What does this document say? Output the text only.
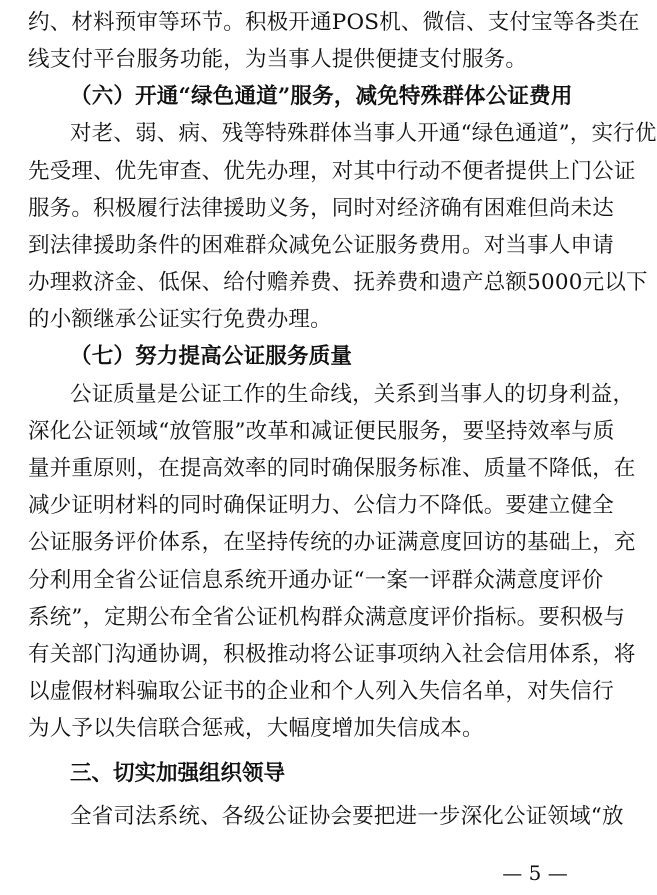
约、材料预审等环节。积极开通POS机、微信、支付宝等各类在
线支付平台服务功能，为当事人提供便捷支付服务。
（六）开通“绿色通道”服务，减免特殊群体公证费用
对老、弱、病、残等特殊群体当事人开通“绿色通道”，实行优
先受理、优先审查、优先办理，对其中行动不便者提供上门公证
服务。积极履行法律援助义务，同时对经济确有困难但尚未达
到法律援助条件的困难群众减免公证服务费用。对当事人申请
办理救济金、低保、给付赡养费、抚养费和遗产总额5000元以下
的小额继承公证实行免费办理。
（七）努力提高公证服务质量
公证质量是公证工作的生命线，关系到当事人的切身利益，
深化公证领域“放管服”改革和减证便民服务，要坚持效率与质
量并重原则，在提高效率的同时确保服务标准、质量不降低，在
减少证明材料的同时确保证明力、公信力不降低。要建立健全
公证服务评价体系，在坚持传统的办证满意度回访的基础上，充
分利用全省公证信息系统开通办证“一案一评群众满意度评价
系统”，定期公布全省公证机构群众满意度评价指标。要积极与
有关部门沟通协调，积极推动将公证事项纳入社会信用体系，将
以虚假材料骗取公证书的企业和个人列入失信名单，对失信行
为人予以失信联合惩戒，大幅度增加失信成本。
三、切实加强组织领导
全省司法系统、各级公证协会要把进一步深化公证领域“放
— 5 —
